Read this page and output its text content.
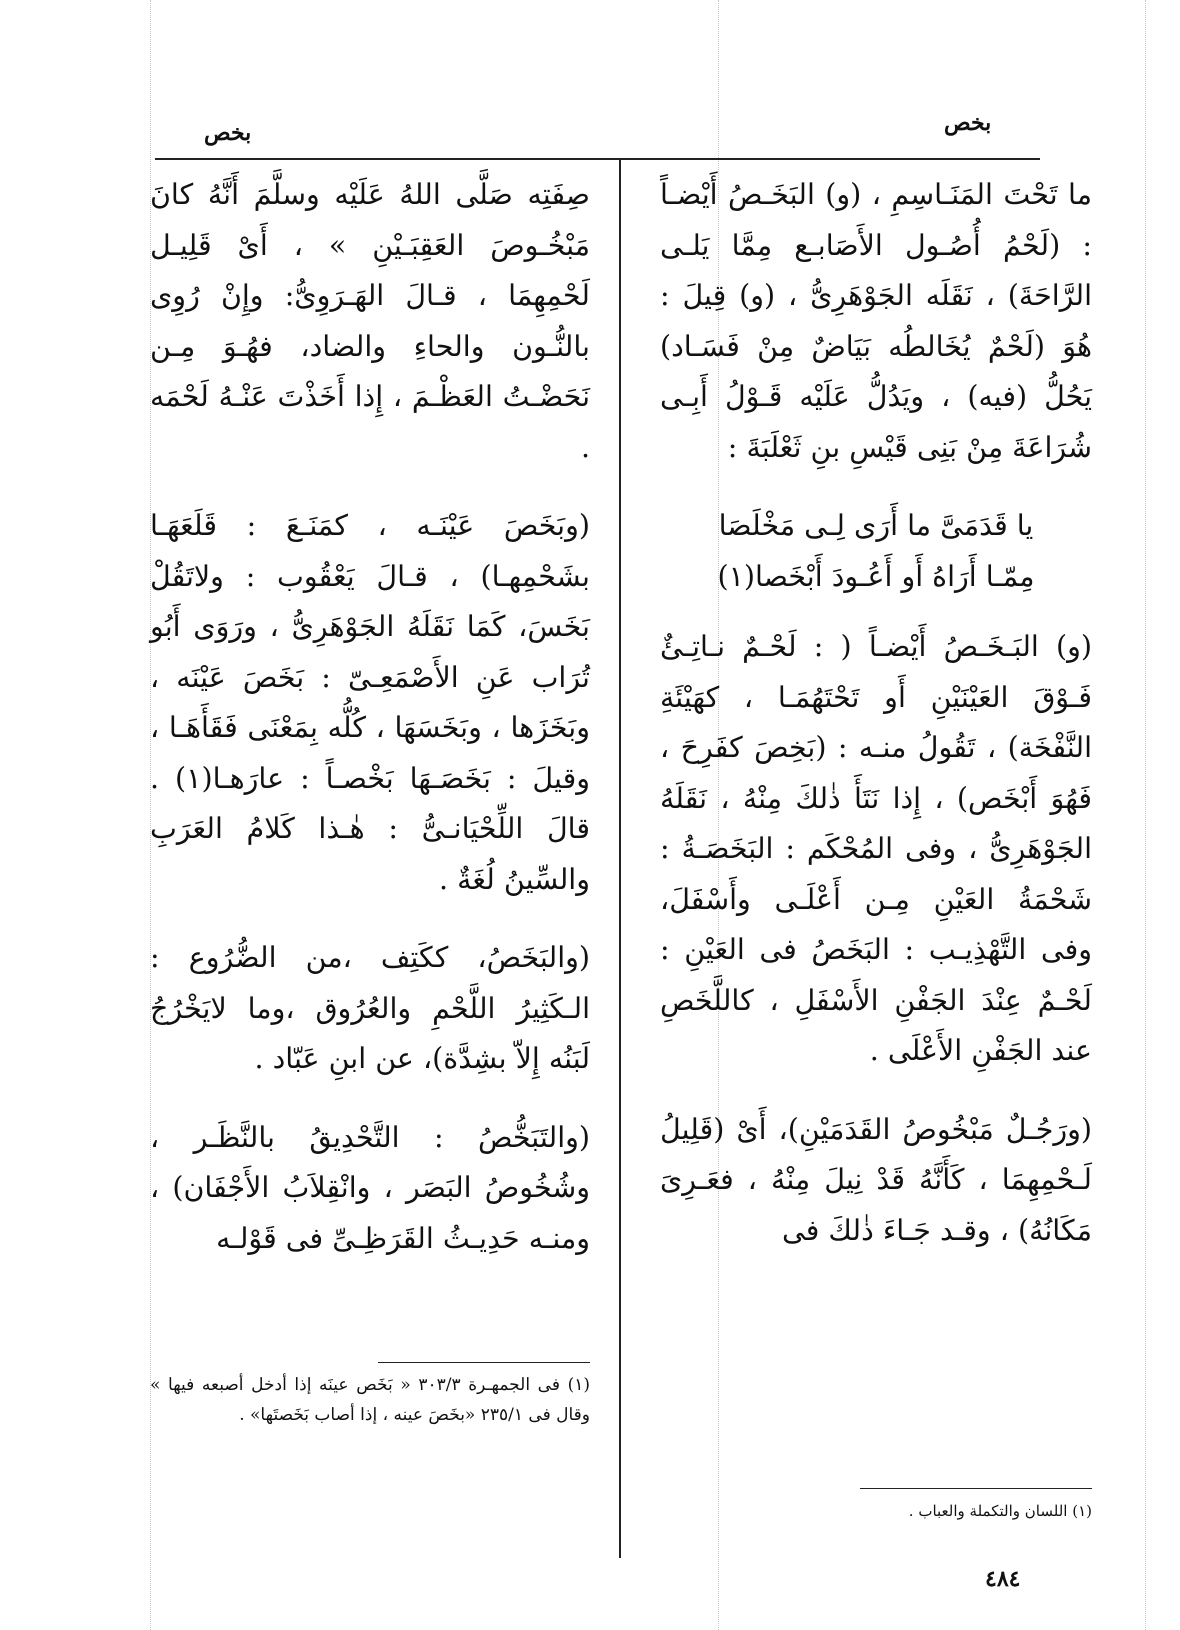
بخص	بخص

صِفَتِه صَلَّى اللهُ عَلَيْه وسلَّمَ أَنَّهُ كانَ مَبْخُـوصَ العَقِبَـيْنِ » ، أَىْ قَلِيـل لَحْمِهِمَا ، قـالَ الهَـرَوِىُّ: وإِنْ رُوِى بالنُّـون والحاءِ والضاد، فهُـوَ مِـن نَحَضْـتُ العَظْـمَ ، إِذا أَخَذْتَ عَنْـهُ لَحْمَه .

(وبَخَصَ عَيْنَـه ، كمَنَـعَ : قَلَعَهَـا بشَحْمِهـا) ، قـالَ يَعْقُوب : ولاتَقُلْ بَخَسَ، كَمَا نَقَلَهُ الجَوْهَرِىُّ ، ورَوَى أَبُو تُرَاب عَنِ الأَصْمَعِـىّ : بَخَصَ عَيْنَه ، وبَخَزَها ، وبَخَسَهَا ، كُلُّه بِمَعْنَى فَقَأَهَـا ، وقيلَ : بَخَصَـهَا بَخْصـاً : عارَهـا(١) . قالَ اللِّحْيَانـىُّ : هٰـذا كَلامُ العَرَبِ والسِّينُ لُغَةٌ .

(والبَخَصُ، ككَتِف ،من الضُّرُوع : الـكَثِيرُ اللَّحْمِ والعُرُوق ،وما لايَخْرُجُ لَبَنُه إِلاّ بشِدَّة)، عن ابنِ عَبّاد .

(والتَبَخُّصُ : التَّحْدِيقُ بالنَّظَـر ، وشُخُوصُ البَصَر ، وانْقِلاَبُ الأَجْفَان) ، ومنـه حَدِيـثُ القَرَظِـىِّ فى قَوْلـه

ما تَحْتَ المَنَـاسِمِ ، (و) البَخَـصُ أَيْضـاً : (لَحْمُ أُصُـول الأَصَابـع مِمَّا يَلـى الرَّاحَةَ) ، نَقَلَه الجَوْهَرِىُّ ، (و) قِيلَ : هُوَ (لَحْمٌ يُخَالطُه بَيَاضٌ مِنْ فَسَـاد) يَحُلُّ (فيه) ، ويَدُلُّ عَلَيْه قَـوْلُ أَبِـى شُرَاعَةَ مِنْ بَنِى قَيْسِ بنِ ثَعْلَبَةَ :

يا قَدَمَىَّ ما أَرَى لِـى مَخْلَصَا

مِمّـا أَرَاهُ أَو أَعُـودَ أَبْخَصا(١)

(و) البَـخَـصُ أَيْضـاً ( : لَحْـمٌ نـاتِـئٌ فَـوْقَ العَيْنَيْنِ أَو تَحْتَهُمَـا ، كهَيْئَةِ النَّفْخَة) ، تَقُولُ منـه : (بَخِصَ كفَرِحَ ، فَهُوَ أَبْخَص) ، إِذا نَتَأَ ذٰلكَ مِنْهُ ، نَقَلَهُ الجَوْهَرِىُّ ، وفى المُحْكَم : البَخَصَـةُ : شَحْمَةُ العَيْنِ مِـن أَعْلَـى وأَسْفَلَ، وفى التَّهْذِيـب : البَخَصُ فى العَيْنِ : لَحْـمٌ عِنْدَ الجَفْنِ الأَسْفَلِ ، كاللَّخَصِ عند الجَفْنِ الأَعْلَى .

(ورَجُـلٌ مَبْخُوصُ القَدَمَيْنِ)، أَىْ (قَلِيلُ لَـحْمِهِمَا ، كَأَنَّهُ قَدْ نِيلَ مِنْهُ ، فعَـرِىَ مَكَانُهُ) ، وقـد جَـاءَ ذٰلكَ فى

(١) فى الجمهـرة ٣٠٣/٣ « بَخَص عينَه إذا أدخل أصبعه فيها » وقال فى ٢٣٥/١ «بخَصَ عينه ، إذا أصاب بَخَصتَها» .
(١) اللسان والتكملة والعباب .
٤٨٤
